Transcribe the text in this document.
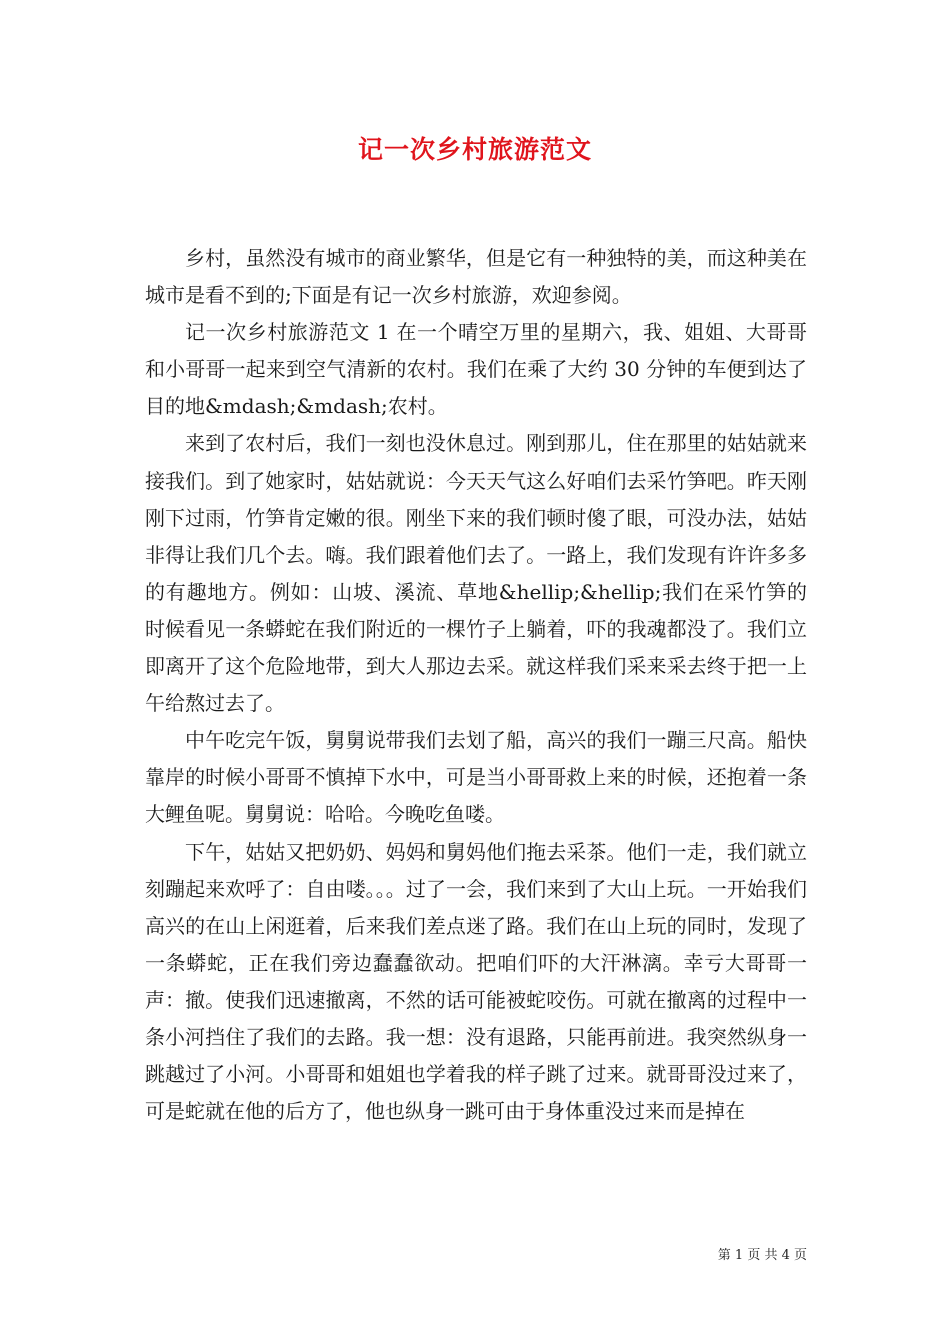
记一次乡村旅游范文

乡村，虽然没有城市的商业繁华，但是它有一种独特的美，而这种美在城市是看不到的;下面是有记一次乡村旅游，欢迎参阅。

记一次乡村旅游范文 1 在一个晴空万里的星期六，我、姐姐、大哥哥和小哥哥一起来到空气清新的农村。我们在乘了大约 30 分钟的车便到达了目的地&mdash;&mdash;农村。

来到了农村后，我们一刻也没休息过。刚到那儿，住在那里的姑姑就来接我们。到了她家时，姑姑就说：今天天气这么好咱们去采竹笋吧。昨天刚刚下过雨，竹笋肯定嫩的很。刚坐下来的我们顿时傻了眼，可没办法，姑姑非得让我们几个去。嗨。我们跟着他们去了。一路上，我们发现有许许多多的有趣地方。例如：山坡、溪流、草地&hellip;&hellip;我们在采竹笋的时候看见一条蟒蛇在我们附近的一棵竹子上躺着，吓的我魂都没了。我们立即离开了这个危险地带，到大人那边去采。就这样我们采来采去终于把一上午给熬过去了。

中午吃完午饭，舅舅说带我们去划了船，高兴的我们一蹦三尺高。船快靠岸的时候小哥哥不慎掉下水中，可是当小哥哥救上来的时候，还抱着一条大鲤鱼呢。舅舅说：哈哈。今晚吃鱼喽。

下午，姑姑又把奶奶、妈妈和舅妈他们拖去采茶。他们一走，我们就立刻蹦起来欢呼了：自由喽。。。过了一会，我们来到了大山上玩。一开始我们高兴的在山上闲逛着，后来我们差点迷了路。我们在山上玩的同时，发现了一条蟒蛇，正在我们旁边蠢蠢欲动。把咱们吓的大汗淋漓。幸亏大哥哥一声：撤。使我们迅速撤离，不然的话可能被蛇咬伤。可就在撤离的过程中一条小河挡住了我们的去路。我一想：没有退路，只能再前进。我突然纵身一跳越过了小河。小哥哥和姐姐也学着我的样子跳了过来。就哥哥没过来了，可是蛇就在他的后方了，他也纵身一跳可由于身体重没过来而是掉在

第 1 页 共 4 页
